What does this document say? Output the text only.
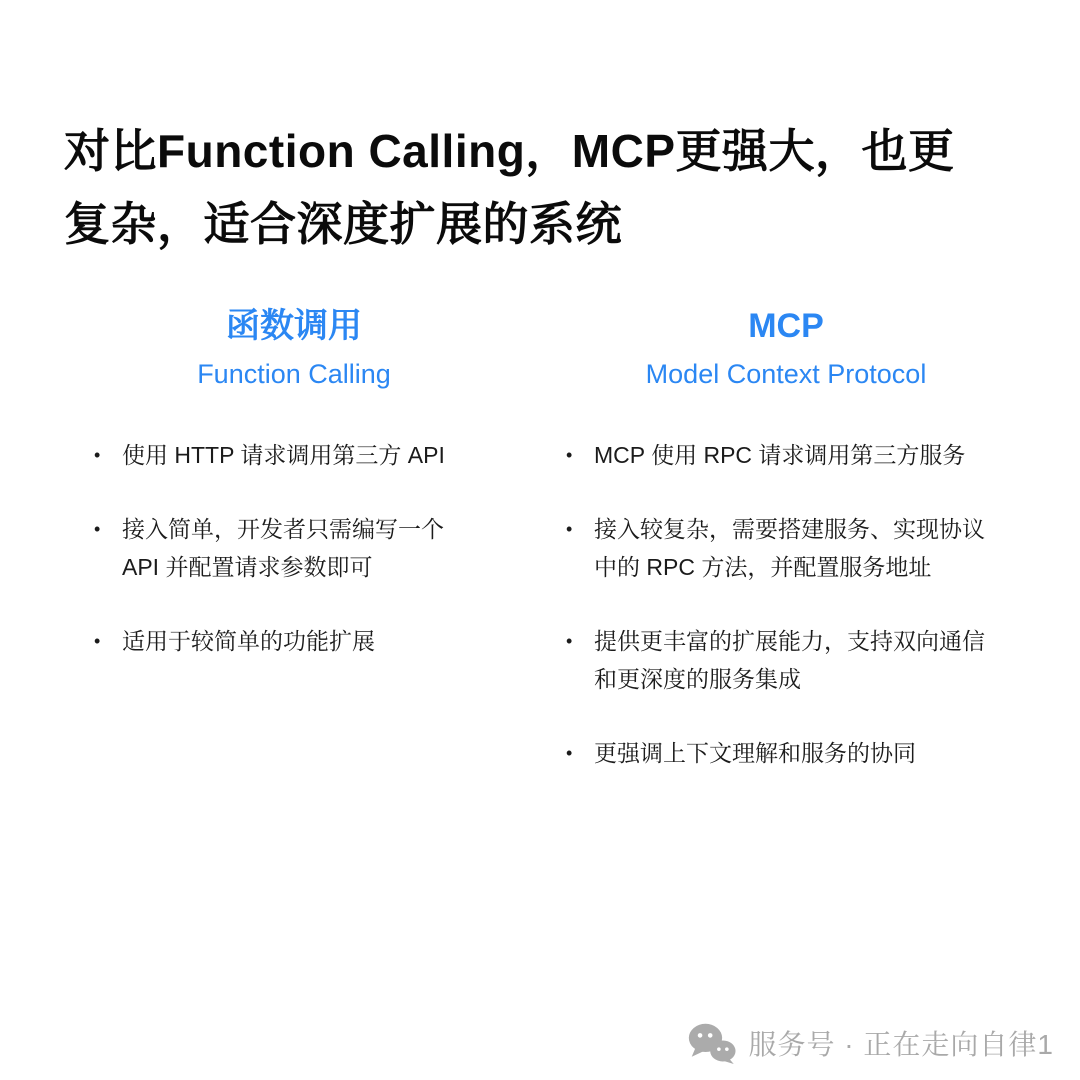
对比Function Calling，MCP更强大，也更
复杂，适合深度扩展的系统
函数调用
Function Calling
• 使用 HTTP 请求调用第三方 API
• 接入简单，开发者只需编写一个 API 并配置请求参数即可
• 适用于较简单的功能扩展
MCP
Model Context Protocol
• MCP 使用 RPC 请求调用第三方服务
• 接入较复杂，需要搭建服务、实现协议中的 RPC 方法，并配置服务地址
• 提供更丰富的扩展能力，支持双向通信和更深度的服务集成
• 更强调上下文理解和服务的协同
服务号 · 正在走向自律1
